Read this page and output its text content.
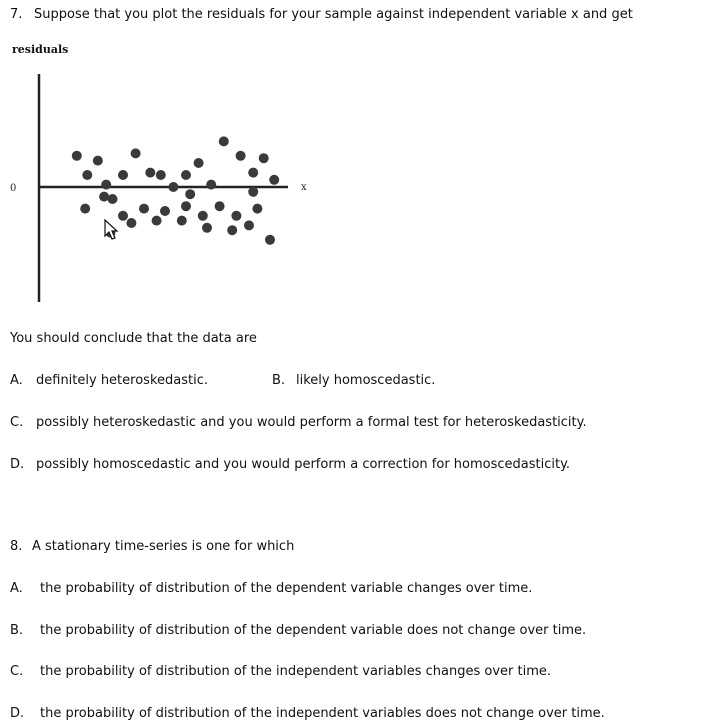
7. Suppose that you plot the residuals for your sample against independent variable x and get
residuals
0	x
You should conclude that the data are
A. definitely heteroskedastic.	B. likely homoscedastic.
C. possibly heteroskedastic and you would perform a formal test for heteroskedasticity.
D. possibly homoscedastic and you would perform a correction for homoscedasticity.
8. A stationary time-series is one for which
A. the probability of distribution of the dependent variable changes over time.
B. the probability of distribution of the dependent variable does not change over time.
C. the probability of distribution of the independent variables changes over time.
D. the probability of distribution of the independent variables does not change over time.
